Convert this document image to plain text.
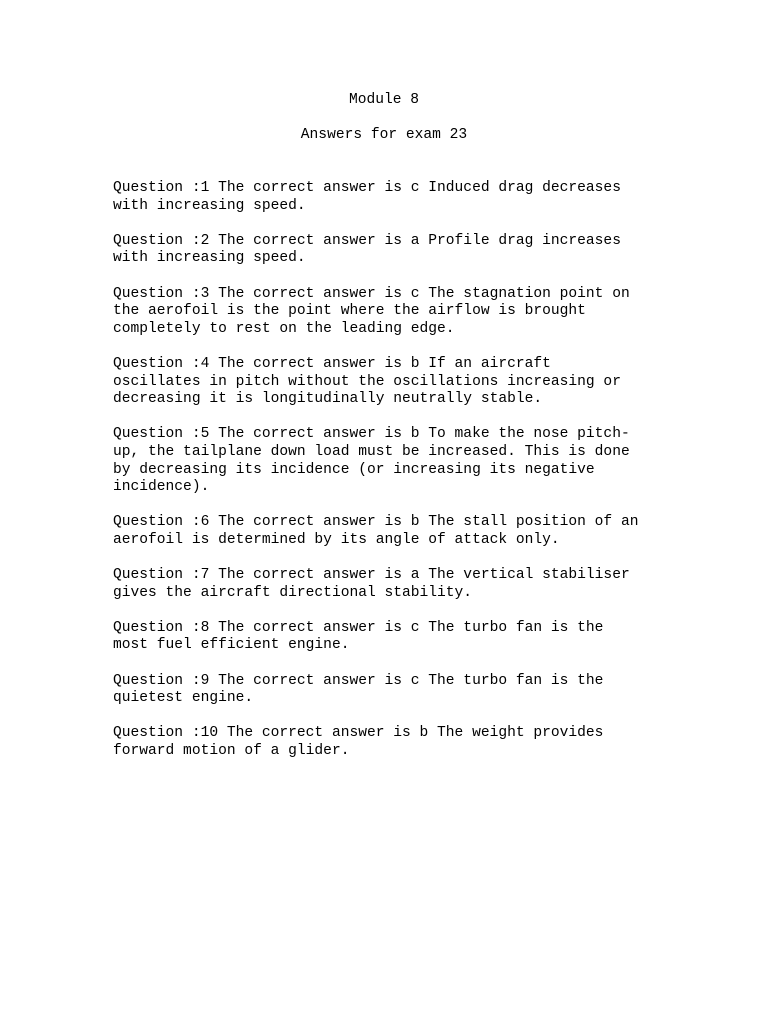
Module 8
Answers for exam 23

Question :1 The correct answer is c Induced drag decreases
with increasing speed.

Question :2 The correct answer is a Profile drag increases
with increasing speed.

Question :3 The correct answer is c The stagnation point on
the aerofoil is the point where the airflow is brought
completely to rest on the leading edge.

Question :4 The correct answer is b If an aircraft
oscillates in pitch without the oscillations increasing or
decreasing it is longitudinally neutrally stable.

Question :5 The correct answer is b To make the nose pitch-
up, the tailplane down load must be increased. This is done
by decreasing its incidence (or increasing its negative
incidence).

Question :6 The correct answer is b The stall position of an
aerofoil is determined by its angle of attack only.

Question :7 The correct answer is a The vertical stabiliser
gives the aircraft directional stability.

Question :8 The correct answer is c The turbo fan is the
most fuel efficient engine.

Question :9 The correct answer is c The turbo fan is the
quietest engine.

Question :10 The correct answer is b The weight provides
forward motion of a glider.
